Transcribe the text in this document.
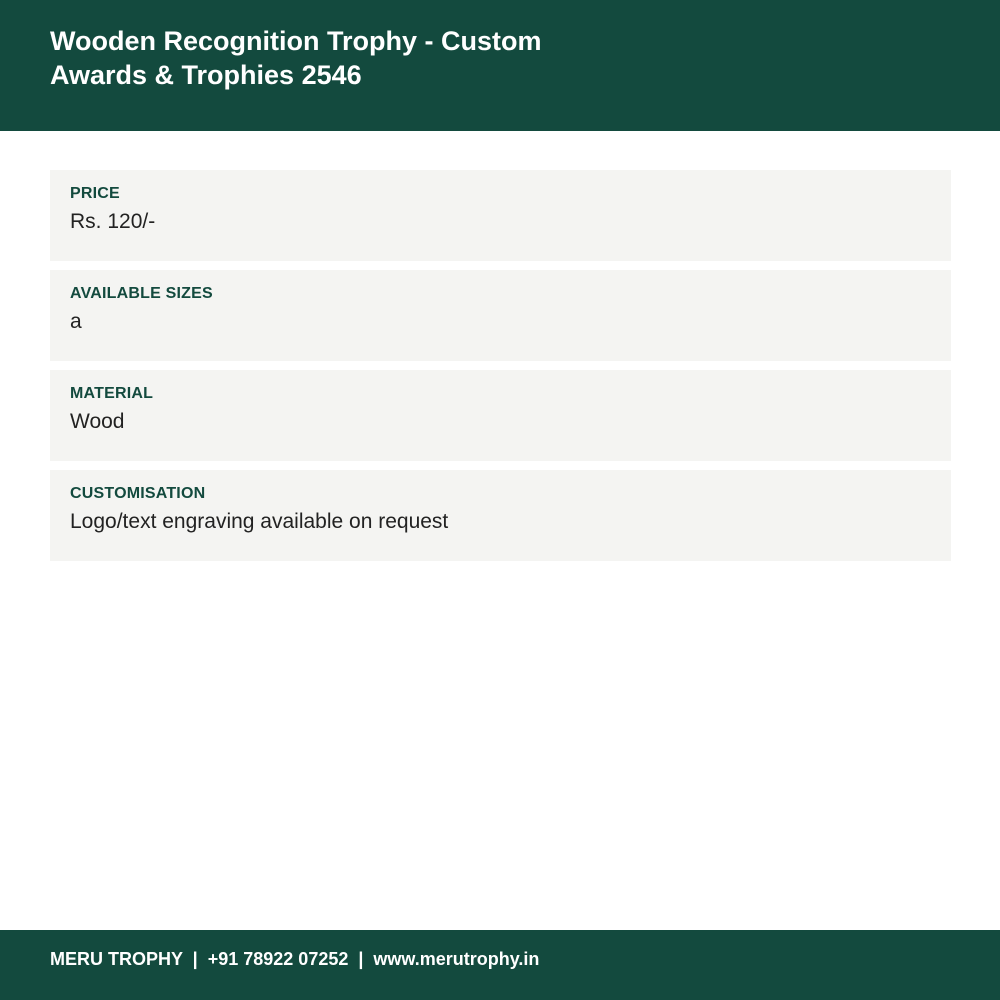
Wooden Recognition Trophy - Custom Awards & Trophies 2546
PRICE
Rs. 120/-
AVAILABLE SIZES
a
MATERIAL
Wood
CUSTOMISATION
Logo/text engraving available on request
MERU TROPHY  |  +91 78922 07252  |  www.merutrophy.in
